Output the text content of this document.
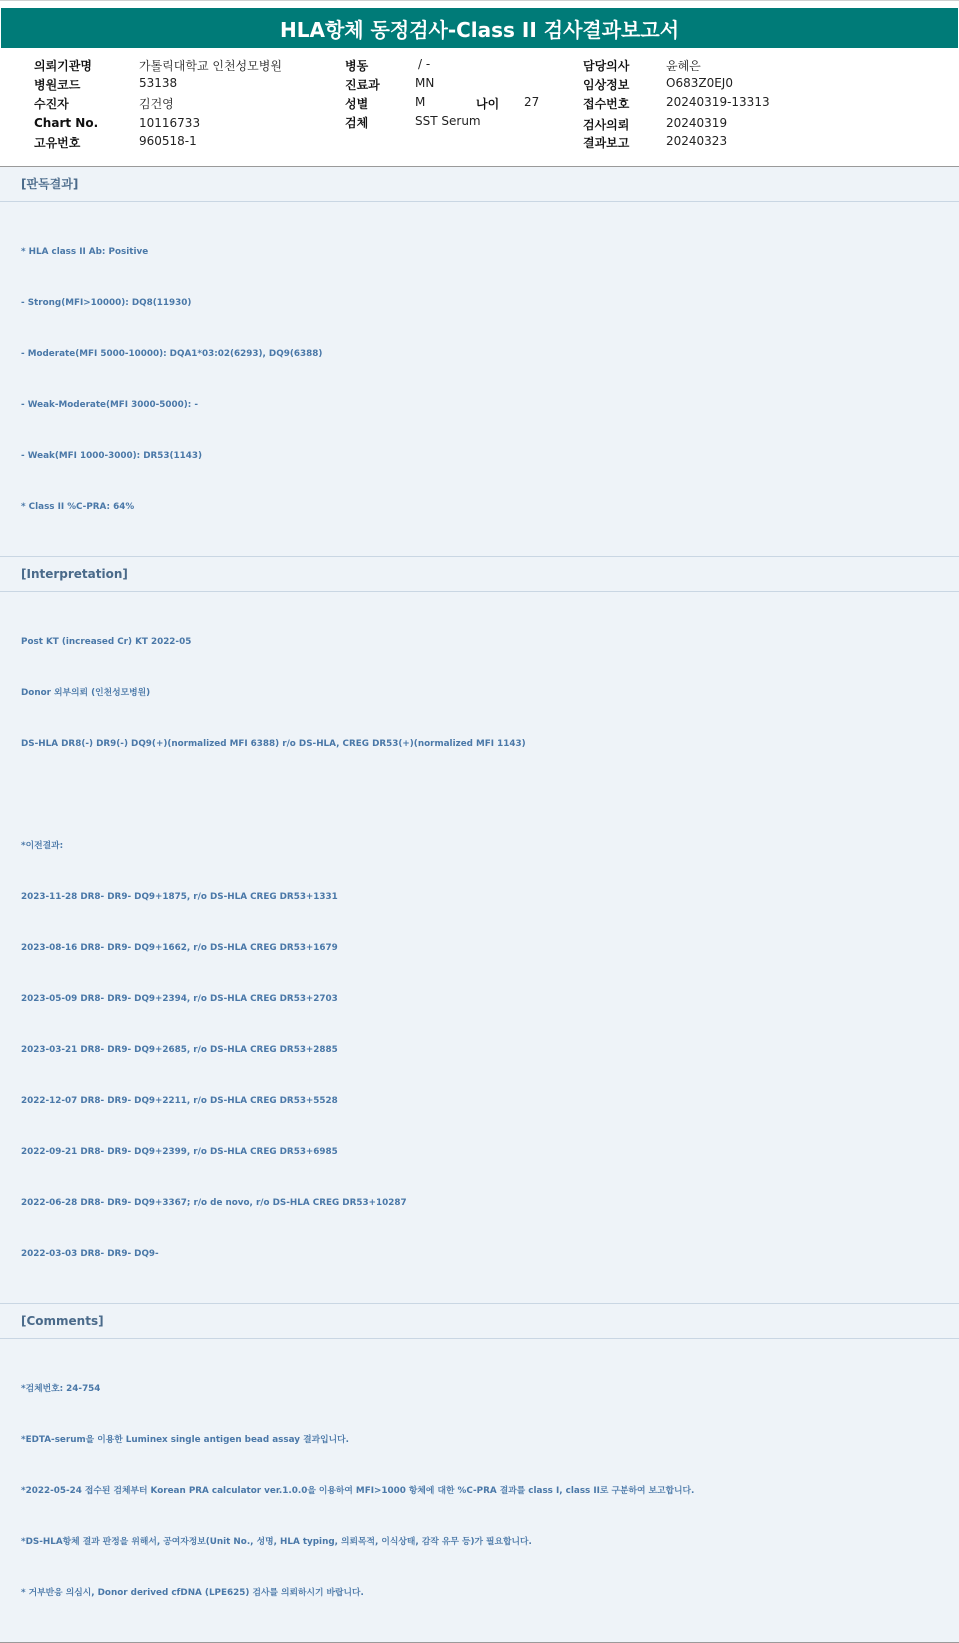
HLA항체 동정검사-Class II 검사결과보고서
의뢰기관명	가톨릭대학교 인천성모병원
병원코드	53138
수진자	김건영
Chart No.	10116733
고유번호	960518-1
병동	/ -
진료과	MN
성별	M	나이 27
검체	SST Serum
담당의사	윤혜은
임상정보	O683Z0EJ0
접수번호	20240319-13313
검사의뢰	20240319
결과보고	20240323
[판독결과]

* HLA class II Ab: Positive

- Strong(MFI>10000): DQ8(11930)

- Moderate(MFI 5000-10000): DQA1*03:02(6293), DQ9(6388)

- Weak-Moderate(MFI 3000-5000): -

- Weak(MFI 1000-3000): DR53(1143)

* Class II %C-PRA: 64%

[Interpretation]

Post KT (increased Cr) KT 2022-05

Donor 외부의뢰 (인천성모병원)

DS-HLA DR8(-) DR9(-) DQ9(+)(normalized MFI 6388) r/o DS-HLA, CREG DR53(+)(normalized MFI 1143)

*이전결과:

2023-11-28 DR8- DR9- DQ9+1875, r/o DS-HLA CREG DR53+1331

2023-08-16 DR8- DR9- DQ9+1662, r/o DS-HLA CREG DR53+1679

2023-05-09 DR8- DR9- DQ9+2394, r/o DS-HLA CREG DR53+2703

2023-03-21 DR8- DR9- DQ9+2685, r/o DS-HLA CREG DR53+2885

2022-12-07 DR8- DR9- DQ9+2211, r/o DS-HLA CREG DR53+5528

2022-09-21 DR8- DR9- DQ9+2399, r/o DS-HLA CREG DR53+6985

2022-06-28 DR8- DR9- DQ9+3367; r/o de novo, r/o DS-HLA CREG DR53+10287

2022-03-03 DR8- DR9- DQ9-

[Comments]

*검체번호: 24-754

*EDTA-serum을 이용한 Luminex single antigen bead assay 결과입니다.

*2022-05-24 접수된 검체부터 Korean PRA calculator ver.1.0.0을 이용하여 MFI>1000 항체에 대한 %C-PRA 결과를 class I, class II로 구분하여 보고합니다.

*DS-HLA항체 결과 판정을 위해서, 공여자정보(Unit No., 성명, HLA typing, 의뢰목적, 이식상태, 감작 유무 등)가 필요합니다.

* 거부반응 의심시, Donor derived cfDNA (LPE625) 검사를 의뢰하시기 바랍니다.
